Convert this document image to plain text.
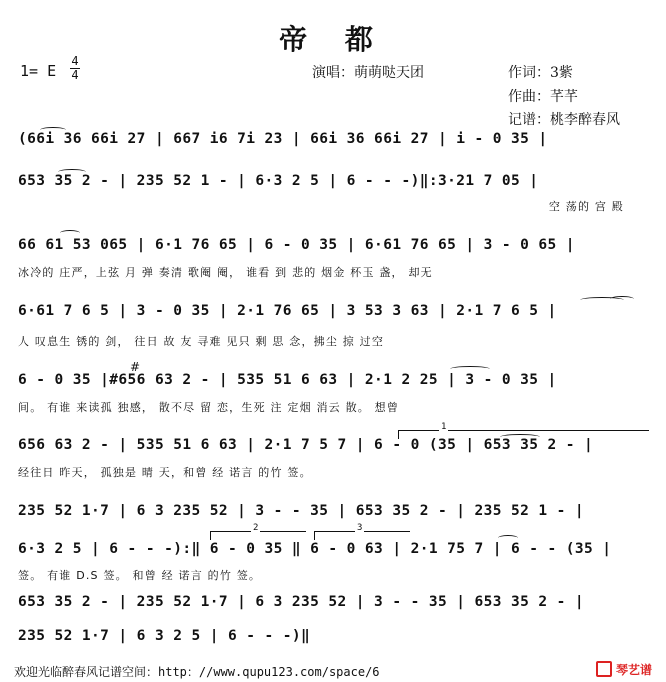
帝 都
1= E
4
4	演唱：萌萌哒天团	作词：3紫
作曲：芊芊
记谱：桃李醉春风
(66i 36 66i 27 | 667 i6 7i 23 | 66i 36 66i 27 | i - 0 35 |
653 35 2 - | 235 52 1 - | 6·3 2 5 | 6 - - -)‖:3·21 7 05 |
空 荡的 宫 殿
66 61 53 065 | 6·1 76 65 | 6 - 0 35 | 6·61 76 65 | 3 - 0 65 |
冰冷的 庄严，上弦 月 弹 奏清 歌阉 阉， 谁看 到 悲的 烟金 杯玉 盏， 却无
6·61 7 6 5 | 3 - 0 35 | 2·1 76 65 | 3 53 3 63 | 2·1 7 6 5 |
人 叹息生 锈的 剑， 往日 故 友 寻难 见只 剩 思 念，拂尘 掠 过空
6 - 0 35 |#656 63 2 - | 535 51 6 63 | 2·1 2 25 | 3 - 0 35 |
间。 有谁 来读孤 独感， 散不尽 留 恋，生死 注 定烟 消云 散。 想曾
656 63 2 - | 535 51 6 63 | 2·1 7 5 7 | 6 - 0 (35 | 653 35 2 - |
经往日 昨天， 孤独是 晴 天，和曾 经 诺言 的竹 签。
235 52 1·7 | 6 3 235 52 | 3 - - 35 | 653 35 2 - | 235 52 1 - |
6·3 2 5 | 6 - - -):‖ 6 - 0 35 ‖ 6 - 0 63 | 2·1 75 7 | 6 - - (35 |
签。 有谁 D.S 签。 和曾 经 诺言 的竹 签。
653 35 2 - | 235 52 1·7 | 6 3 235 52 | 3 - - 35 | 653 35 2 - |
235 52 1·7 | 6 3 2 5 | 6 - - -)‖
1
2	3
#
欢迎光临醉春风记谱空间：http：//www.qupu123.com/space/6	琴艺谱
